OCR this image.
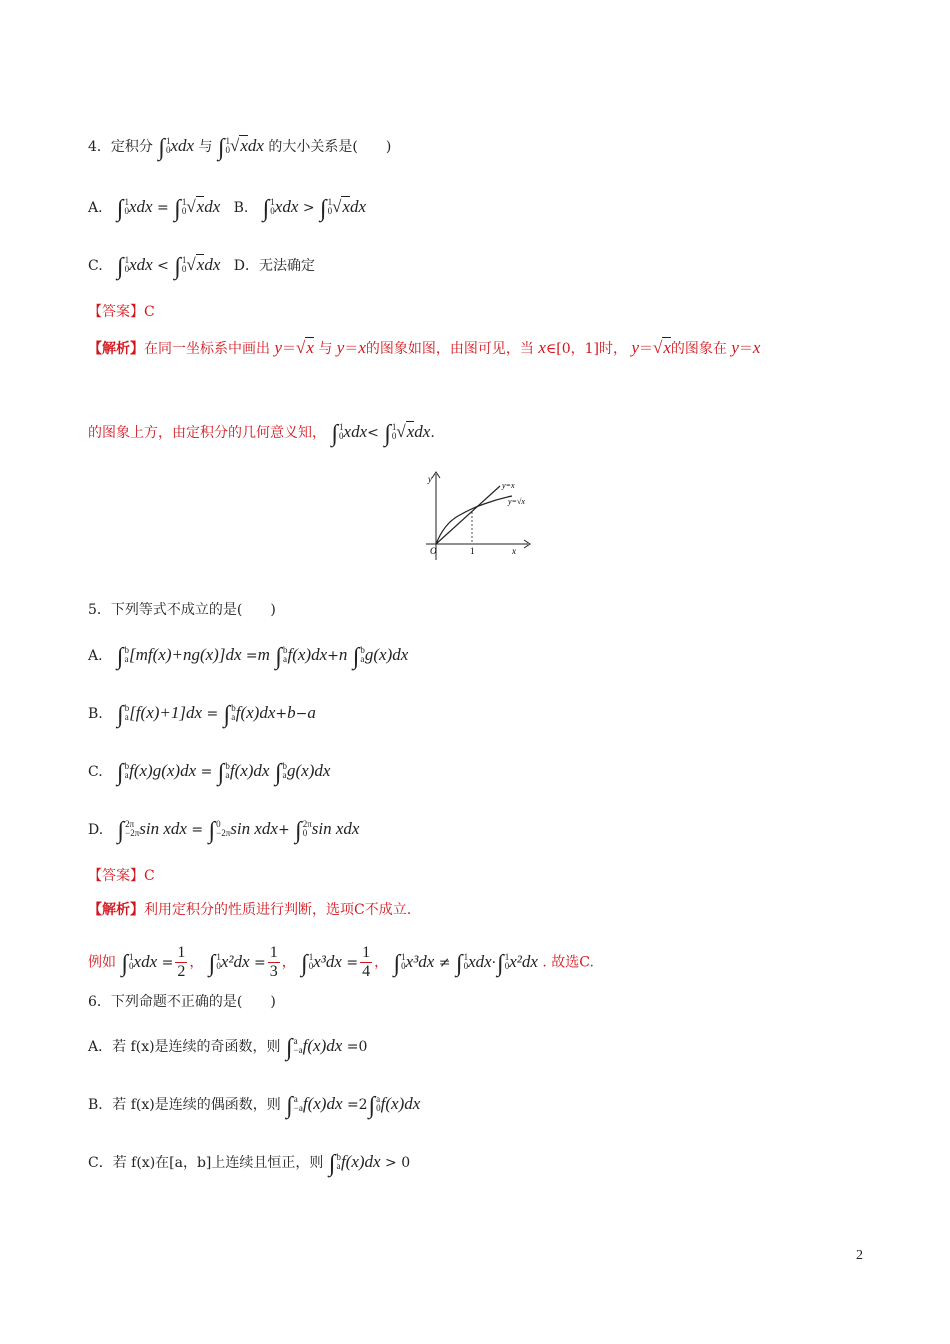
4．定积分 ∫1
0xdx 与 ∫1
0√xdx 的大小关系是(　　)
A. ∫1
0xdx = ∫1
0√xdx B. ∫1
0xdx > ∫1
0√xdx
C. ∫1
0xdx < ∫1
0√xdx D．无法确定
【答案】C
【解析】在同一坐标系中画出 y＝√x 与 y＝x的图象如图，由图可见，当 x∈[0，1]时， y＝√x的图象在 y＝x
的图象上方，由定积分的几何意义知， ∫1
0xdx< ∫1
0√xdx.
y=x
y=√x
O	1	x
y
5．下列等式不成立的是(　　)
A. ∫b
a[mf(x)+ng(x)]dx =m ∫b
af(x)dx+n ∫b
ag(x)dx
B. ∫b
a[f(x)+1]dx = ∫b
af(x)dx+b−a
C. ∫b
af(x)g(x)dx = ∫b
af(x)dx ∫b
ag(x)dx
D. ∫2π
−2πsin xdx = ∫0
−2πsin xdx+ ∫2π
0 sin xdx
【答案】C
【解析】利用定积分的性质进行判断，选项C不成立.
例如 ∫1
$0xdx = \frac{1}{2}$ ， ∫1
$0x^2dx = \frac{1}{3}$ ， ∫1
$0x^3dx = \frac{1}{4}$ ， ∫1
0x³dx ≠ ∫1
0xdx·∫1
0x²dx . 故选C.
6．下列命题不正确的是(　　)
A．若 f(x)是连续的奇函数，则 ∫a
−af(x)dx =0
B．若 f(x)是连续的偶函数，则 ∫a
−af(x)dx =2∫a
0f(x)dx
C．若 f(x)在[a，b]上连续且恒正，则 ∫b
af(x)dx > 0
2
